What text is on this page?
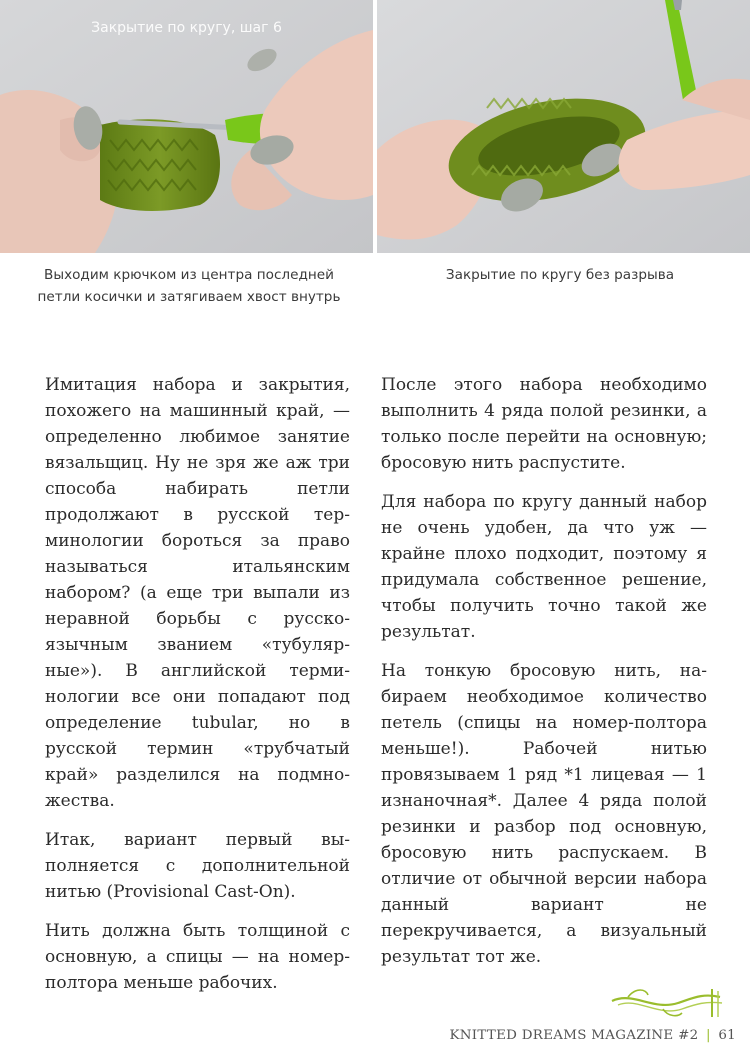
Закрытие по кругу, шаг 6
Выходим крючком из центра последней петли косички и затягиваем хвост внутрь
Закрытие по кругу без разрыва

Имитация набора и закрытия, похожего на машинный край, — определенно любимое занятие вязальщиц. Ну не зря же аж три способа набирать петли продолжают в русской терминологии бороться за право называться итальянским набором? (а еще три выпали из неравной борьбы с русскоязычным званием «тубулярные»). В английской терминологии все они попадают под определение tubular, но в русской термин «трубчатый край» разделился на подмножества.

Итак, вариант первый выполняется с дополнительной нитью (Provisional Cast-On).

Нить должна быть толщиной с основную, а спицы — на номер-полтора меньше рабочих.

После этого набора необходимо выполнить 4 ряда полой резинки, а только после перейти на основную; бросовую нить распустите.

Для набора по кругу данный набор не очень удобен, да что уж — крайне плохо подходит, поэтому я придумала собственное решение, чтобы получить точно такой же результат.

На тонкую бросовую нить, набираем необходимое количество петель (спицы на номер-полтора меньше!). Рабочей нитью провязываем 1 ряд *1 лицевая — 1 изнаночная*. Далее 4 ряда полой резинки и разбор под основную, бросовую нить распускаем. В отличие от обычной версии набора данный вариант не перекручивается, а визуальный результат тот же.

KNITTED DREAMS MAGAZINE #2 | 61
